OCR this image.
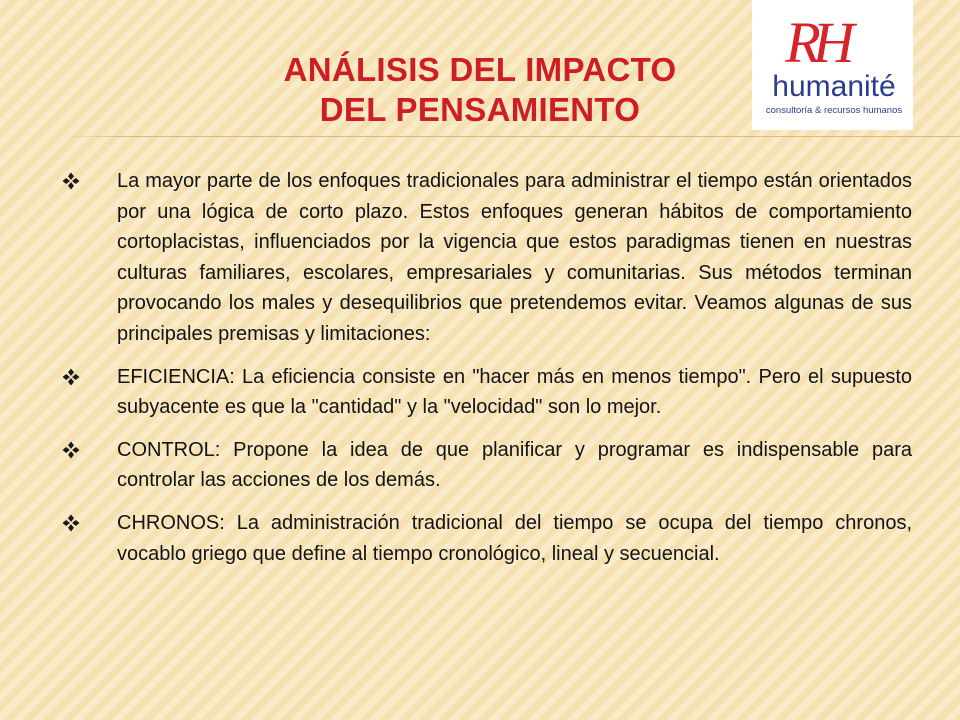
ANÁLISIS DEL IMPACTO
DEL PENSAMIENTO
RH
humanité
consultoría & recursos humanos
La mayor parte de los enfoques tradicionales para administrar el tiempo están orientados por una lógica de corto plazo. Estos enfoques generan hábitos de comportamiento cortoplacistas, influenciados por la vigencia que estos paradigmas tienen en nuestras culturas familiares, escolares, empresariales y comunitarias. Sus métodos terminan provocando los males y desequilibrios que pretendemos evitar. Veamos algunas de sus principales premisas y limitaciones:
EFICIENCIA: La eficiencia consiste en "hacer más en menos tiempo". Pero el supuesto subyacente es que la "cantidad" y la "velocidad" son lo mejor.
CONTROL: Propone la idea de que planificar y programar es indispensable para controlar las acciones de los demás.
CHRONOS: La administración tradicional del tiempo se ocupa del tiempo chronos, vocablo griego que define al tiempo cronológico, lineal y secuencial.
